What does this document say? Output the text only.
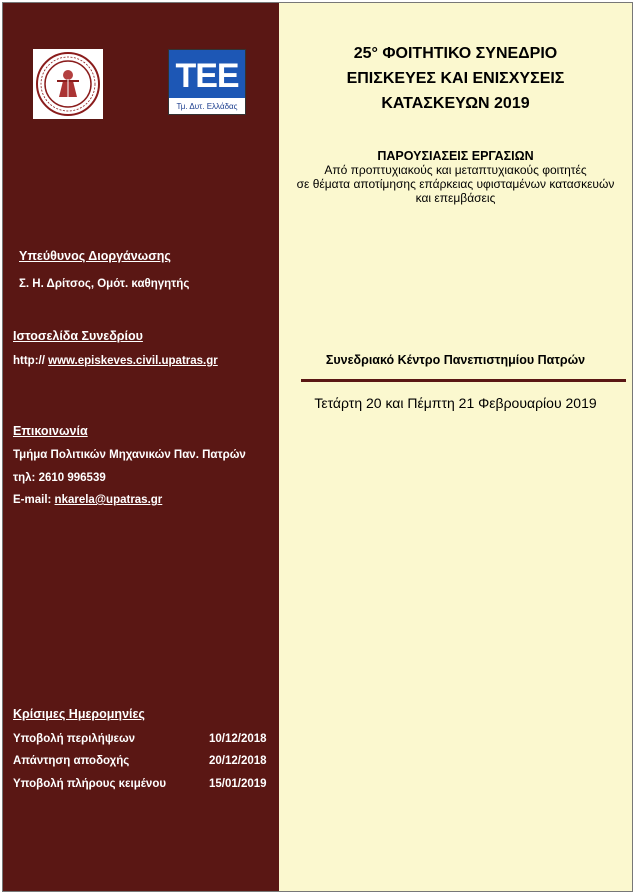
ΤΕΕ
Τμ. Δυτ. Ελλάδας
Υπεύθυνος Διοργάνωσης
Σ. Η. Δρίτσος, Ομότ. καθηγητής
Ιστοσελίδα Συνεδρίου
http:// www.episkeves.civil.upatras.gr
Επικοινωνία
Τμήμα Πολιτικών Μηχανικών Παν. Πατρών
τηλ: 2610 996539
E-mail: nkarela@upatras.gr
Κρίσιμες Ημερομηνίες
Υποβολή περιλήψεων	10/12/2018
Απάντηση αποδοχής	20/12/2018
Υποβολή πλήρους κειμένου	15/01/2019
25° ΦΟΙΤΗΤΙΚΟ ΣΥΝΕΔΡΙΟ
ΕΠΙΣΚΕΥΕΣ ΚΑΙ ΕΝΙΣΧΥΣΕΙΣ
ΚΑΤΑΣΚΕΥΩΝ 2019
ΠΑΡΟΥΣΙΑΣΕΙΣ ΕΡΓΑΣΙΩΝ
Από προπτυχιακούς και μεταπτυχιακούς φοιτητές
σε θέματα αποτίμησης επάρκειας υφισταμένων κατασκευών
και επεμβάσεις
Συνεδριακό Κέντρο Πανεπιστημίου Πατρών
Τετάρτη 20 και Πέμπτη 21 Φεβρουαρίου 2019
